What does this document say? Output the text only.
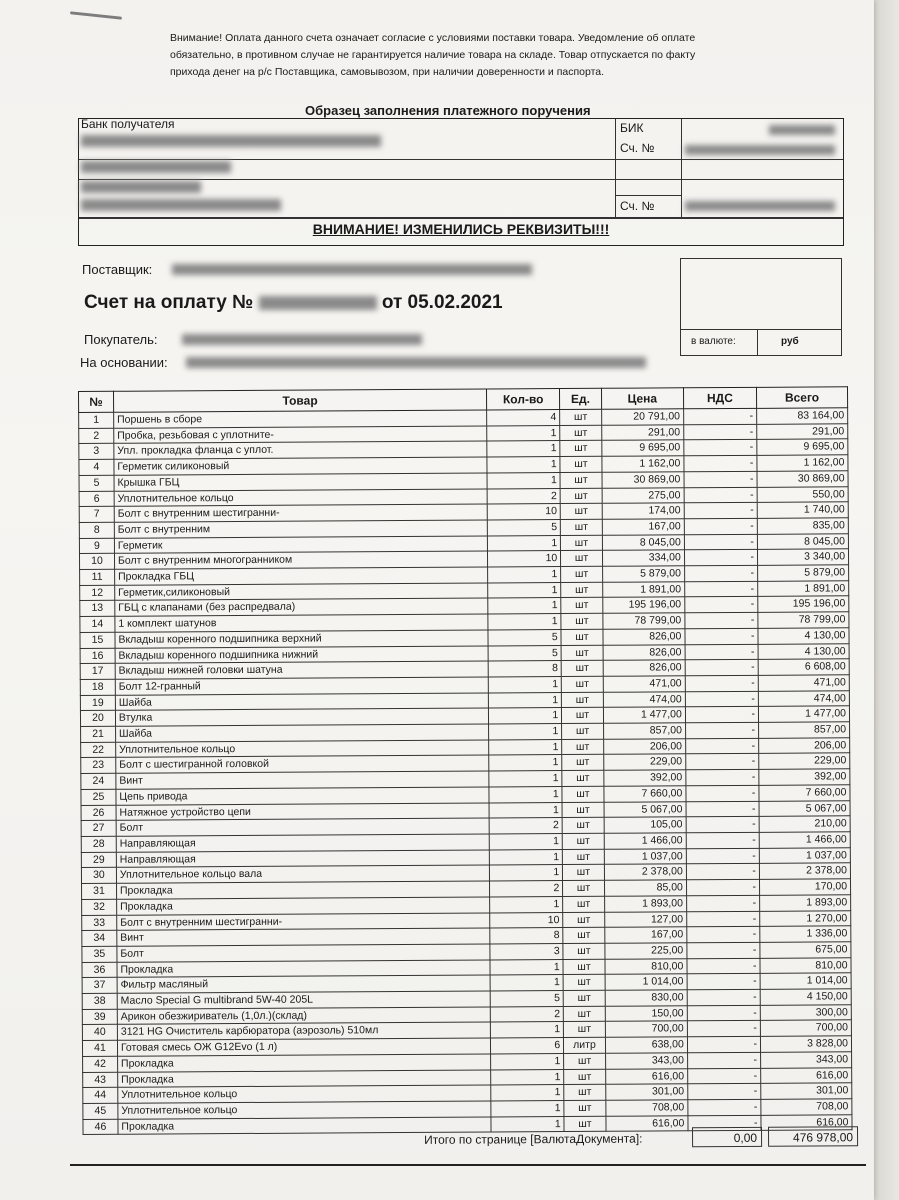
Внимание! Оплата данного счета означает согласие с условиями поставки товара. Уведомление об оплате
обязательно, в противном случае не гарантируется наличие товара на складе. Товар отпускается по факту
прихода денег на р/с Поставщика, самовывозом, при наличии доверенности и паспорта.
Образец заполнения платежного поручения
Банк получателя	БИК
Сч. №
Сч. №
ВНИМАНИЕ! ИЗМЕНИЛИСЬ РЕКВИЗИТЫ!!!
Поставщик:
Счет на оплату №	от 05.02.2021
Покупатель:
На основании:
в валюте:	руб
№	Товар	Кол-во	Ед.	Цена	НДС	Всего
1	Поршень в сборе	4	шт	20 791,00	-	83 164,00
2	Пробка, резьбовая с уплотните-	1	шт	291,00	-	291,00
3	Упл. прокладка фланца с уплот.	1	шт	9 695,00	-	9 695,00
4	Герметик силиконовый	1	шт	1 162,00	-	1 162,00
5	Крышка ГБЦ	1	шт	30 869,00	-	30 869,00
6	Уплотнительное кольцо	2	шт	275,00	-	550,00
7	Болт с внутренним шестигранни-	10	шт	174,00	-	1 740,00
8	Болт с внутренним	5	шт	167,00	-	835,00
9	Герметик	1	шт	8 045,00	-	8 045,00
10	Болт с внутренним многогранником	10	шт	334,00	-	3 340,00
11	Прокладка ГБЦ	1	шт	5 879,00	-	5 879,00
12	Герметик,силиконовый	1	шт	1 891,00	-	1 891,00
13	ГБЦ с клапанами (без распредвала)	1	шт	195 196,00	-	195 196,00
14	1 комплект шатунов	1	шт	78 799,00	-	78 799,00
15	Вкладыш коренного подшипника верхний	5	шт	826,00	-	4 130,00
16	Вкладыш коренного подшипника нижний	5	шт	826,00	-	4 130,00
17	Вкладыш нижней головки шатуна	8	шт	826,00	-	6 608,00
18	Болт 12-гранный	1	шт	471,00	-	471,00
19	Шайба	1	шт	474,00	-	474,00
20	Втулка	1	шт	1 477,00	-	1 477,00
21	Шайба	1	шт	857,00	-	857,00
22	Уплотнительное кольцо	1	шт	206,00	-	206,00
23	Болт с шестигранной головкой	1	шт	229,00	-	229,00
24	Винт	1	шт	392,00	-	392,00
25	Цепь привода	1	шт	7 660,00	-	7 660,00
26	Натяжное устройство цепи	1	шт	5 067,00	-	5 067,00
27	Болт	2	шт	105,00	-	210,00
28	Направляющая	1	шт	1 466,00	-	1 466,00
29	Направляющая	1	шт	1 037,00	-	1 037,00
30	Уплотнительное кольцо вала	1	шт	2 378,00	-	2 378,00
31	Прокладка	2	шт	85,00	-	170,00
32	Прокладка	1	шт	1 893,00	-	1 893,00
33	Болт с внутренним шестигранни-	10	шт	127,00	-	1 270,00
34	Винт	8	шт	167,00	-	1 336,00
35	Болт	3	шт	225,00	-	675,00
36	Прокладка	1	шт	810,00	-	810,00
37	Фильтр масляный	1	шт	1 014,00	-	1 014,00
38	Масло Special G multibrand 5W-40 205L	5	шт	830,00	-	4 150,00
39	Арикон обезжириватель (1,0л.)(склад)	2	шт	150,00	-	300,00
40	3121 HG Очиститель карбюратора (аэрозоль) 510мл	1	шт	700,00	-	700,00
41	Готовая смесь ОЖ G12Evo (1 л)	6	литр	638,00	-	3 828,00
42	Прокладка	1	шт	343,00	-	343,00
43	Прокладка	1	шт	616,00	-	616,00
44	Уплотнительное кольцо	1	шт	301,00	-	301,00
45	Уплотнительное кольцо	1	шт	708,00	-	708,00
46	Прокладка	1	шт	616,00	-	616,00
Итого по странице [ВалютаДокумента]:	0,00	476 978,00
